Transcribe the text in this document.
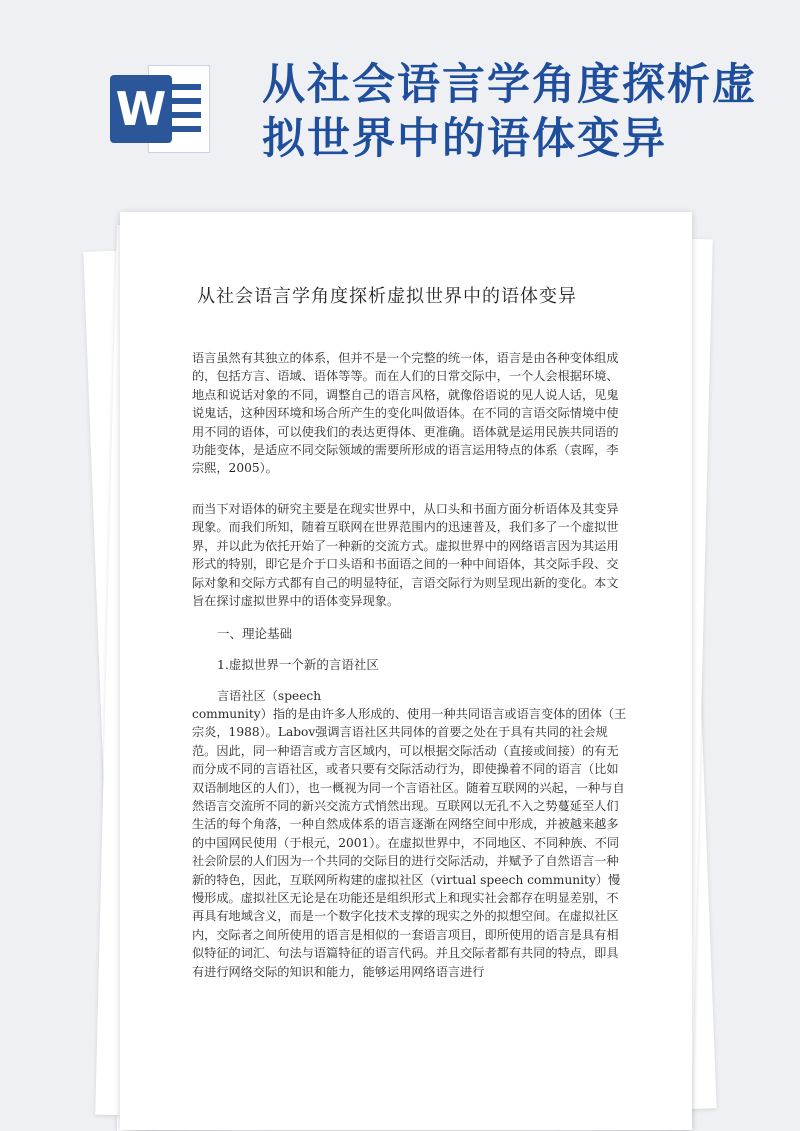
W 从社会语言学角度探析虚拟世界中的语体变异
从社会语言学角度探析虚拟世界中的语体变异

语言虽然有其独立的体系，但并不是一个完整的统一体，语言是由各种变体组成的，包括方言、语域、语体等等。而在人们的日常交际中，一个人会根据环境、地点和说话对象的不同，调整自己的语言风格，就像俗语说的见人说人话，见鬼说鬼话，这种因环境和场合所产生的变化叫做语体。在不同的言语交际情境中使用不同的语体，可以使我们的表达更得体、更准确。语体就是运用民族共同语的功能变体，是适应不同交际领域的需要所形成的语言运用特点的体系（袁晖，李宗熙，2005）。

而当下对语体的研究主要是在现实世界中，从口头和书面方面分析语体及其变异现象。而我们所知，随着互联网在世界范围内的迅速普及，我们多了一个虚拟世界，并以此为依托开始了一种新的交流方式。虚拟世界中的网络语言因为其运用形式的特别，即它是介于口头语和书面语之间的一种中间语体，其交际手段、交际对象和交际方式都有自己的明显特征，言语交际行为则呈现出新的变化。本文旨在探讨虚拟世界中的语体变异现象。

一、理论基础

1.虚拟世界一个新的言语社区

言语社区（speech

community）指的是由许多人形成的、使用一种共同语言或语言变体的团体（王宗炎，1988）。Labov强调言语社区共同体的首要之处在于具有共同的社会规范。因此，同一种语言或方言区域内，可以根据交际活动（直接或间接）的有无而分成不同的言语社区，或者只要有交际活动行为，即使操着不同的语言（比如双语制地区的人们），也一概视为同一个言语社区。随着互联网的兴起，一种与自然语言交流所不同的新兴交流方式悄然出现。互联网以无孔不入之势蔓延至人们生活的每个角落，一种自然成体系的语言逐渐在网络空间中形成，并被越来越多的中国网民使用（于根元，2001）。在虚拟世界中，不同地区、不同种族、不同社会阶层的人们因为一个共同的交际目的进行交际活动，并赋予了自然语言一种新的特色，因此，互联网所构建的虚拟社区（virtual speech community）慢慢形成。虚拟社区无论是在功能还是组织形式上和现实社会都存在明显差别，不再具有地域含义，而是一个数字化技术支撑的现实之外的拟想空间。在虚拟社区内，交际者之间所使用的语言是相似的一套语言项目，即所使用的语言是具有相似特征的词汇、句法与语篇特征的语言代码。并且交际者都有共同的特点，即具有进行网络交际的知识和能力，能够运用网络语言进行
